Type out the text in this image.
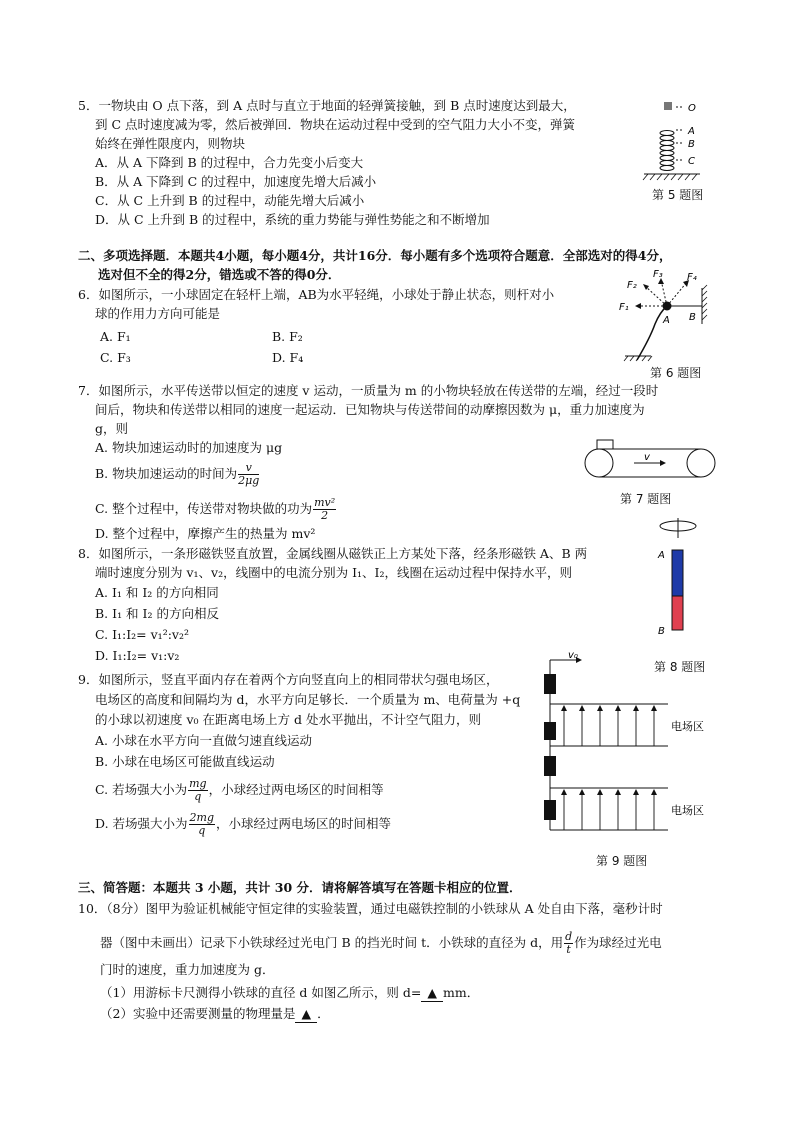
5．一物块由 O 点下落，到 A 点时与直立于地面的轻弹簧接触，到 B 点时速度达到最大，
到 C 点时速度减为零，然后被弹回．物块在运动过程中受到的空气阻力大小不变，弹簧
始终在弹性限度内，则物块
A．从 A 下降到 B 的过程中，合力先变小后变大
B．从 A 下降到 C 的过程中，加速度先增大后减小
C．从 C 上升到 B 的过程中，动能先增大后减小
D．从 C 上升到 B 的过程中，系统的重力势能与弹性势能之和不断增加
O
A
B
C
第 5 题图
二、多项选择题．本题共4小题，每小题4分，共计16分．每小题有多个选项符合题意．全部选对的得4分，
选对但不全的得2分，错选或不答的得0分．
6．如图所示，一小球固定在轻杆上端，AB为水平轻绳，小球处于静止状态，则杆对小
球的作用力方向可能是
A. F₁	B. F₂
C. F₃	D. F₄
F₁
F₂
F₃ F₄
A B
第 6 题图
7．如图所示，水平传送带以恒定的速度 v 运动，一质量为 m 的小物块轻放在传送带的左端，经过一段时
间后，物块和传送带以相同的速度一起运动．已知物块与传送带间的动摩擦因数为 μ，重力加速度为
g，则
A. 物块加速运动时的加速度为 μg
B. 物块加速运动的时间为 $\frac{v}{2\mu g}$
C. 整个过程中，传送带对物块做的功为 $\frac{\text{mv²}}{2}$
D. 整个过程中，摩擦产生的热量为 mv²
v
第 7 题图
8．如图所示，一条形磁铁竖直放置，金属线圈从磁铁正上方某处下落，经条形磁铁 A、B 两
端时速度分别为 v₁、v₂，线圈中的电流分别为 I₁、I₂，线圈在运动过程中保持水平，则
A. I₁ 和 I₂ 的方向相同
B. I₁ 和 I₂ 的方向相反
C. I₁:I₂= v₁²:v₂²
D. I₁:I₂= v₁:v₂
A
B
第 8 题图
9．如图所示，竖直平面内存在着两个方向竖直向上的相同带状匀强电场区，
电场区的高度和间隔均为 d，水平方向足够长．一个质量为 m、电荷量为 +q
的小球以初速度 v₀ 在距离电场上方 d 处水平抛出，不计空气阻力，则
A. 小球在水平方向一直做匀速直线运动
B. 小球在电场区可能做直线运动
C. 若场强大小为 $\frac{mg}{q}$ ，小球经过两电场区的时间相等
D. 若场强大小为 $\frac{2mg}{q}$ ，小球经过两电场区的时间相等
v₀
电场区
电场区
第 9 题图
三、简答题：本题共 3 小题，共计 30 分．请将解答填写在答题卡相应的位置．
10．（8分）图甲为验证机械能守恒定律的实验装置，通过电磁铁控制的小铁球从 A 处自由下落，毫秒计时
器（图中未画出）记录下小铁球经过光电门 B 的挡光时间 t．小铁球的直径为 d，用 $\frac{d}{t}$ 作为球经过光电
门时的速度，重力加速度为 g．
（1）用游标卡尺测得小铁球的直径 d 如图乙所示，则 d= ▲ mm．
（2）实验中还需要测量的物理量是 ▲ ．
